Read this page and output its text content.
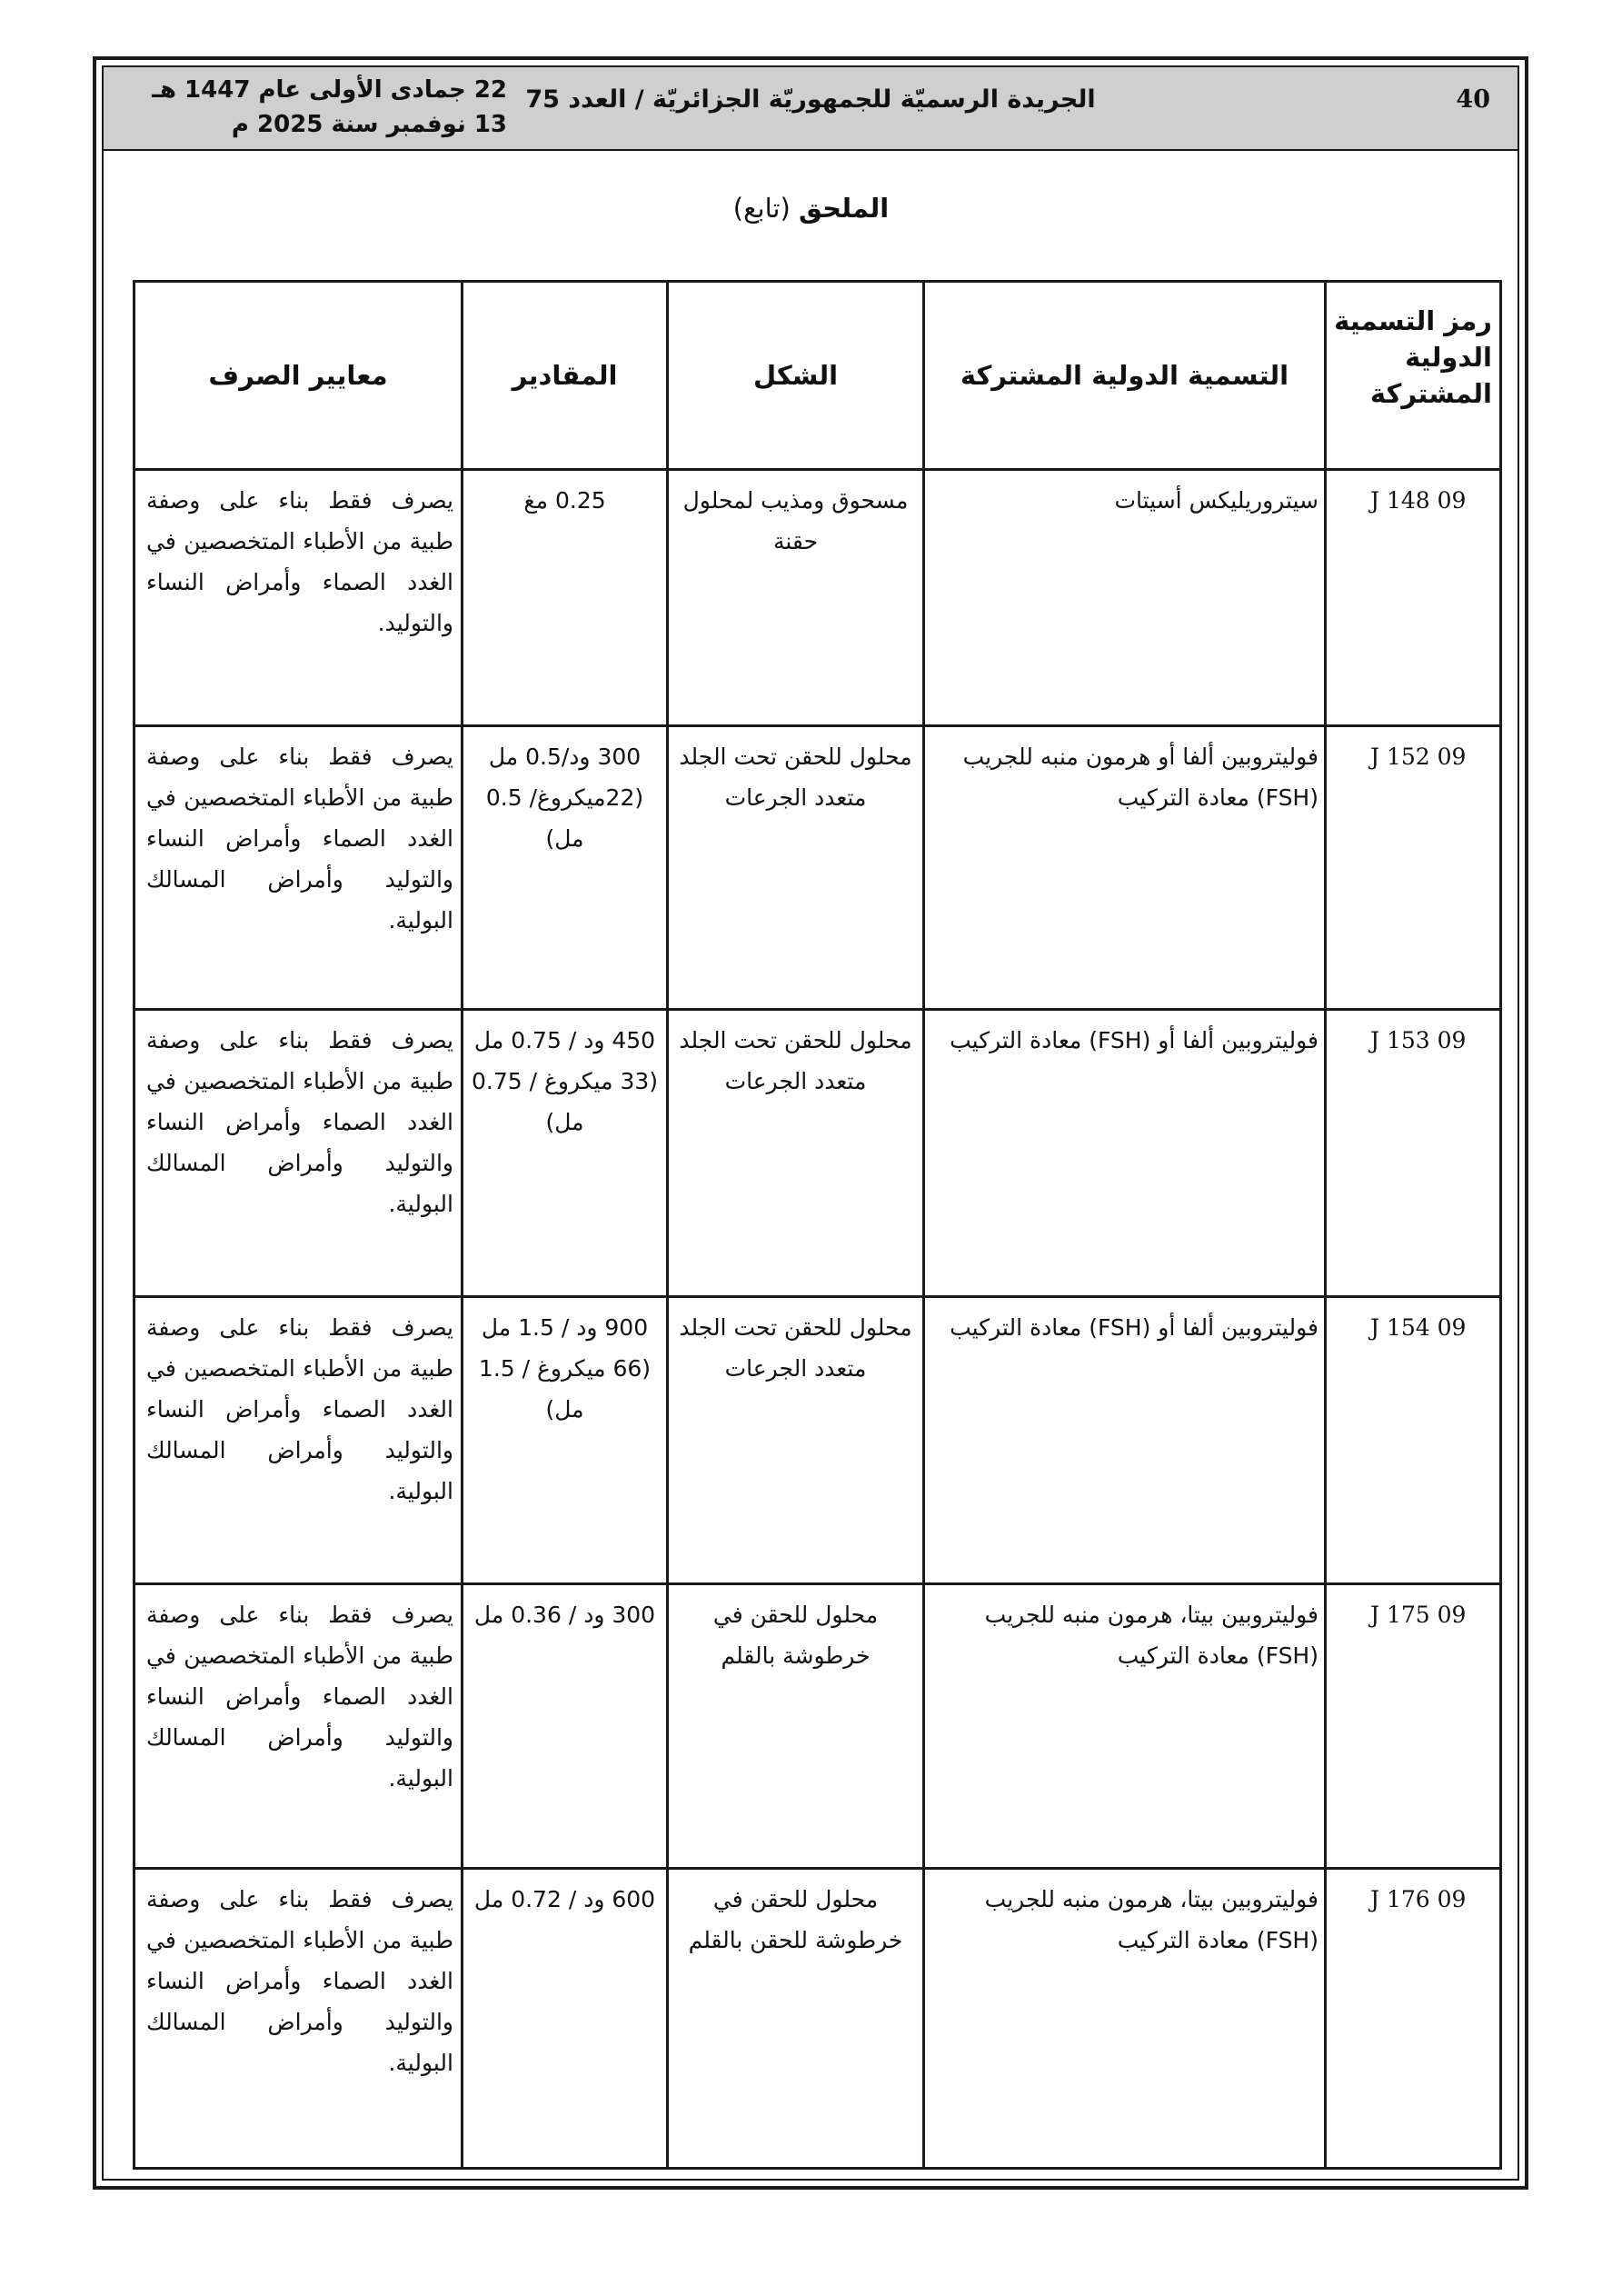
40
الجريدة الرسميّة للجمهوريّة الجزائريّة / العدد 75
22 جمادى الأولى عام 1447 هـ
13 نوفمبر سنة 2025 م
الملحق (تابع)
رمز التسمية الدولية المشتركة	التسمية الدولية المشتركة	الشكل	المقادير	معايير الصرف
09 J 148	سيتروريليكس أسيتات	مسحوق ومذيب لمحلول حقنة	0.25 مغ	يصرف فقط بناء على وصفة طبية من الأطباء المتخصصين في الغدد الصماء وأمراض النساء والتوليد.
09 J 152	فوليتروبين ألفا أو هرمون منبه للجريب (FSH) معادة التركيب	محلول للحقن تحت الجلد متعدد الجرعات	300 ود/0.5 مل (22ميكروغ/ 0.5 مل)	يصرف فقط بناء على وصفة طبية من الأطباء المتخصصين في الغدد الصماء وأمراض النساء والتوليد وأمراض المسالك البولية.
09 J 153	فوليتروبين ألفا أو (FSH) معادة التركيب	محلول للحقن تحت الجلد متعدد الجرعات	450 ود / 0.75 مل (33 ميكروغ / 0.75 مل)	يصرف فقط بناء على وصفة طبية من الأطباء المتخصصين في الغدد الصماء وأمراض النساء والتوليد وأمراض المسالك البولية.
09 J 154	فوليتروبين ألفا أو (FSH) معادة التركيب	محلول للحقن تحت الجلد متعدد الجرعات	900 ود / 1.5 مل (66 ميكروغ / 1.5 مل)	يصرف فقط بناء على وصفة طبية من الأطباء المتخصصين في الغدد الصماء وأمراض النساء والتوليد وأمراض المسالك البولية.
09 J 175	فوليتروبين بيتا، هرمون منبه للجريب (FSH) معادة التركيب	محلول للحقن في خرطوشة بالقلم	300 ود / 0.36 مل	يصرف فقط بناء على وصفة طبية من الأطباء المتخصصين في الغدد الصماء وأمراض النساء والتوليد وأمراض المسالك البولية.
09 J 176	فوليتروبين بيتا، هرمون منبه للجريب (FSH) معادة التركيب	محلول للحقن في خرطوشة للحقن بالقلم	600 ود / 0.72 مل	يصرف فقط بناء على وصفة طبية من الأطباء المتخصصين في الغدد الصماء وأمراض النساء والتوليد وأمراض المسالك البولية.
